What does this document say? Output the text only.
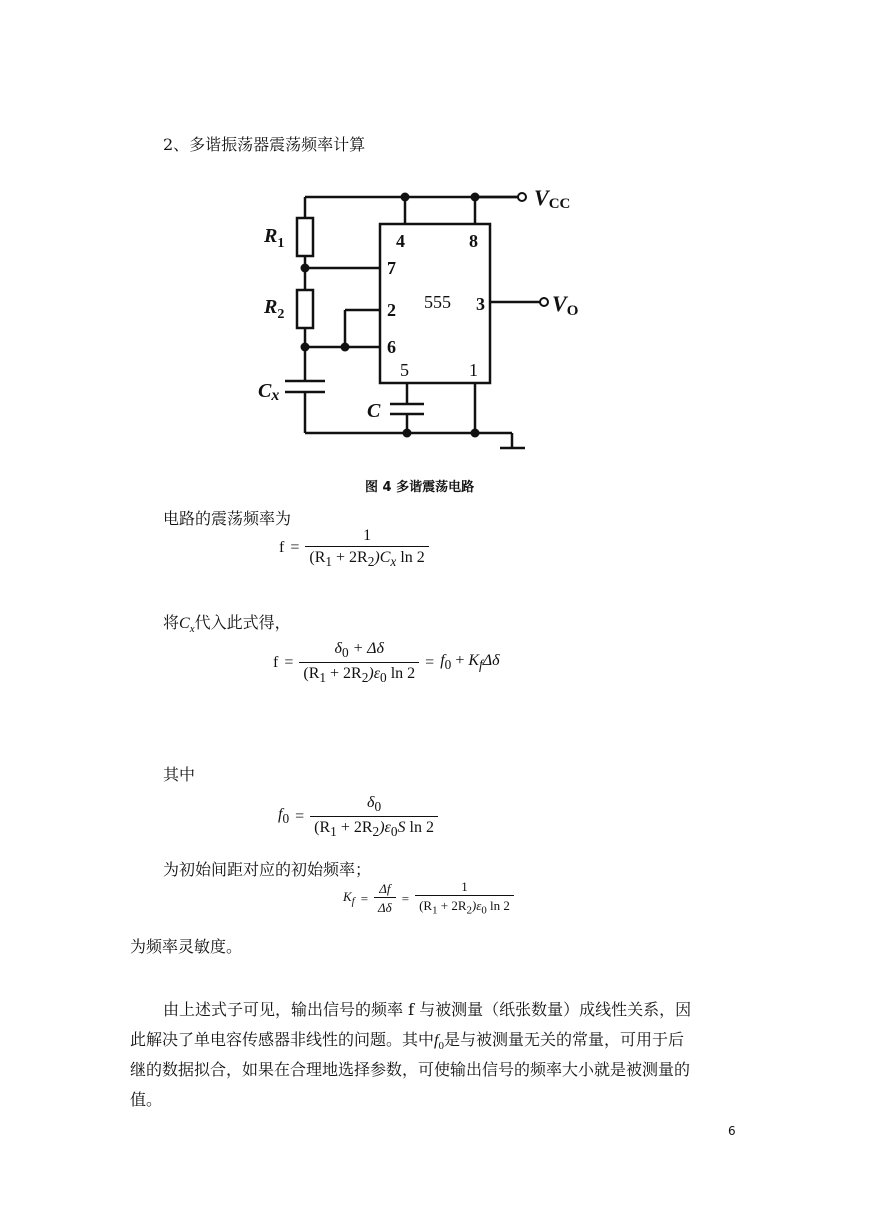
2、多谐振荡器震荡频率计算
VCC
VO
$R_1$
$R_2$
Cx
C
555
4	8
7
2
6
3
5	1
图 4 多谐震荡电路
电路的震荡频率为
$f = \frac{1}{(R_1 + 2R_2)C_x \ln 2}$
将$C_x$代入此式得，
$f = \frac{\delta_0 + \Delta\delta}{(R_1 + 2R_2)\varepsilon_0 \ln 2} = f_0 + K_f\Delta\delta$
其中
$f_0 = \frac{\delta_0}{(R_1 + 2R_2)\varepsilon_0S \ln 2}$
为初始间距对应的初始频率；
$K_f = \frac{\Delta f}{\Delta\delta} = \frac{1}{(R_1 + 2R_2)\varepsilon_0 \ln 2}$
为频率灵敏度。
由上述式子可见，输出信号的频率 f 与被测量（纸张数量）成线性关系，因
此解决了单电容传感器非线性的问题。其中$f_0$是与被测量无关的常量，可用于后
继的数据拟合，如果在合理地选择参数，可使输出信号的频率大小就是被测量的
值。
6
